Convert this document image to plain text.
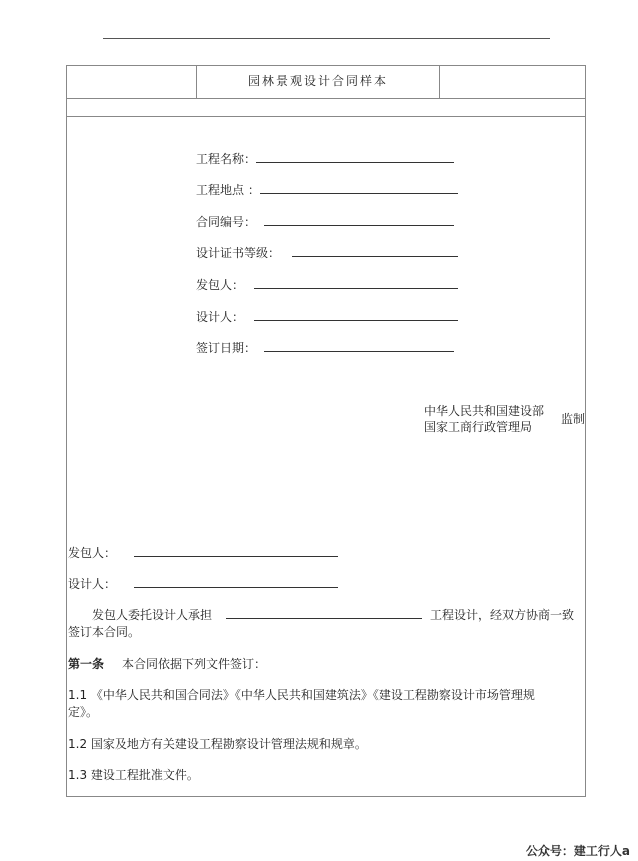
园林景观设计合同样本
工程名称：
工程地点 ：
合同编号：
设计证书等级：
发包人：
设计人：
签订日期：
中华人民共和国建设部
国家工商行政管理局
监制
发包人：
设计人：
发包人委托设计人承担	工程设计，经双方协商一致
签订本合同。
第一条 本合同依据下列文件签订：
1.1 《中华人民共和国合同法》《中华人民共和国建筑法》《建设工程勘察设计市场管理规
定》。
1.2 国家及地方有关建设工程勘察设计管理法规和规章。
1.3 建设工程批准文件。
公众号：建工行人a
